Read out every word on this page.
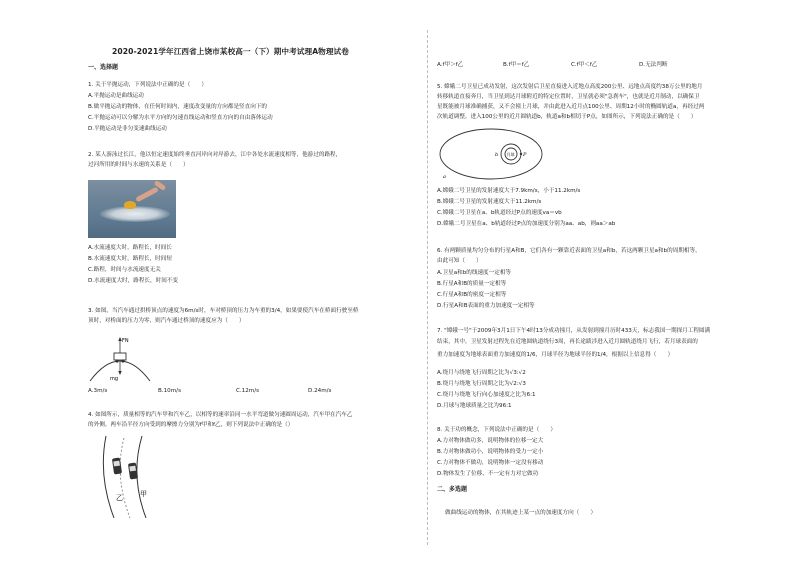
2020-2021学年江西省上饶市某校高一（下）期中考试理A物理试卷
一、选择题
1. 关于平抛运动，下列说法中正确的是（　　）
A.平抛运动是曲线运动
B.做平抛运动的物体，在任何时间内，速度改变量的方向都是竖直向下的
C.平抛运动可以分解为水平方向的匀速直线运动和竖直方向的自由落体运动
D.平抛运动是非匀变速曲线运动
2. 某人游泳过长江，他以恒定速度始终垂直河岸向对岸游去，江中各处水流速度相等，他游过的路程，
过河所用的时间与水速的关系是（　　）
A.水流速度大时，路程长，时间长
B.水流速度大时，路程长，时间短
C.路程，时间与水流速度无关
D.水流速度大时，路程长，时间不变
3. 如图，当汽车通过拱桥顶点的速度为6m/s时，车对桥顶的压力为车重的3/4，如果要使汽车在桥面行驶至桥
顶时，对桥面的压力为零，则汽车通过桥顶的速度应为（　　）
A.3m/s	B.10m/s	C.12m/s	D.24m/s
4. 如图所示，质量相等的汽车甲和汽车乙，以相等的速率沿同一水平弯道做匀速圆周运动，汽车甲在汽车乙
的外侧。两车沿半径方向受到的摩擦力分别为f甲和f乙，则下列说法中正确的是（）
FN
mg
乙 甲
A.f甲＞f乙	B.f甲＝f乙	C.f甲＜f乙	D.无法判断
5. 嫦娥二号卫星已成功发射，这次发射后卫星直接进入近地点高度200公里、远地点高度约38万公里的地月
转移轨道直接奔月，当卫星到达月球附近的特定位置时，卫星就必须"急刹车"，也就是近月制动，以确保卫
星既能被月球准确捕获，又不会撞上月球，并由此进入近月点100公里、周期12小时的椭圆轨道a，再经过两
次轨道调整，进入100公里的近月圆轨道b，轨道a和b相切于P点，如图所示，下列说法正确的是（　　）
A.嫦娥二号卫星的发射速度大于7.9km/s，小于11.2km/s
B.嫦娥二号卫星的发射速度大于11.2km/s
C.嫦娥二号卫星在a、b轨道经过P点的速度va＝vb
D.嫦娥二号卫星在a、b轨道经过P点的加速度分别为aa、ab，则aa＞ab
6. 有两颗质量均匀分布的行星A和B，它们各有一颗靠近表面的卫星a和b，若这两颗卫星a和b的周期相等，
由此可知（　　）
A.卫星a和b的线速度一定相等
B.行星A和B的质量一定相等
C.行星A和B的密度一定相等
D.行星A和B表面的重力加速度一定相等
7. "嫦娥一号"于2009年3月1日下午4时13分成功撞月，从发射到撞月历时433天，标志我国一期探月工程圆满
结束，其中，卫星发射过程先在近地圆轨道绕行3周，再长途跋涉进入近月圆轨道绕月飞行，若月球表面的
重力加速度为地球表面重力加速度的1/6，月球半径为地球半径的1/4，根据以上信息得（　　）
A.绕月与绕地飞行周期之比为√3:√2
B.绕月与绕地飞行周期之比为√2:√3
C.绕月与绕地飞行向心加速度之比为6:1
D.月球与地球质量之比为96:1
8. 关于功的概念，下列说法中正确的是（　　）
A.力对物体做功多，说明物体的位移一定大
B.力对物体做功小，说明物体的受力一定小
C.力对物体不做功，说明物体一定没有移动
D.物体发生了位移，不一定有力对它做功
做曲线运动的物体，在其轨迹上某一点的加速度方向（　　）
二、多选题
月球
b	P
a
